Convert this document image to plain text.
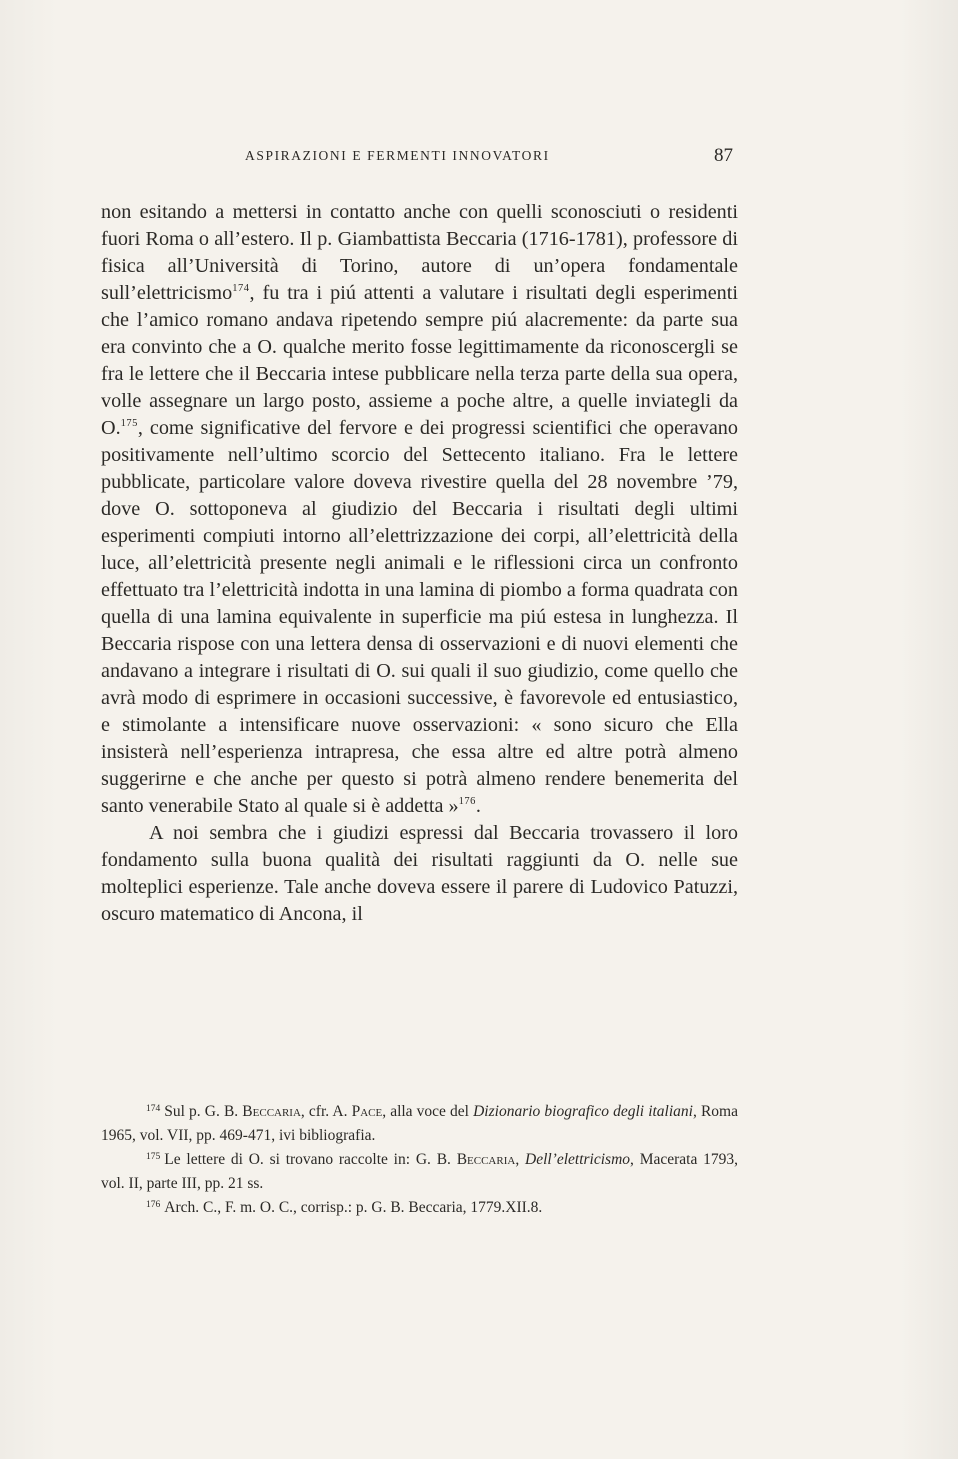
ASPIRAZIONI E FERMENTI INNOVATORI	87

non esitando a mettersi in contatto anche con quelli sconosciuti o residenti fuori Roma o all’estero. Il p. Giambattista Beccaria (1716-1781), professore di fisica all’Università di Torino, autore di un’opera fondamentale sull’elettricismo$^{174}$, fu tra i piú attenti a valutare i risultati degli esperimenti che l’amico romano andava ripetendo sempre piú alacremente: da parte sua era convinto che a O. qualche merito fosse legittimamente da riconoscergli se fra le lettere che il Beccaria intese pubblicare nella terza parte della sua opera, volle assegnare un largo posto, assieme a poche altre, a quelle inviategli da O.$^{175}$, come significative del fervore e dei progressi scientifici che operavano positivamente nell’ultimo scorcio del Settecento italiano. Fra le lettere pubblicate, particolare valore doveva rivestire quella del 28 novembre ’79, dove O. sottoponeva al giudizio del Beccaria i risultati degli ultimi esperimenti compiuti intorno all’elettrizzazione dei corpi, all’elettricità della luce, all’elettricità presente negli animali e le riflessioni circa un confronto effettuato tra l’elettricità indotta in una lamina di piombo a forma quadrata con quella di una lamina equivalente in superficie ma piú estesa in lunghezza. Il Beccaria rispose con una lettera densa di osservazioni e di nuovi elementi che andavano a integrare i risultati di O. sui quali il suo giudizio, come quello che avrà modo di esprimere in occasioni successive, è favorevole ed entusiastico, e stimolante a intensificare nuove osservazioni: « sono sicuro che Ella insisterà nell’esperienza intrapresa, che essa altre ed altre potrà almeno suggerirne e che anche per questo si potrà almeno rendere benemerita del santo venerabile Stato al quale si è addetta »$^{176}$.

A noi sembra che i giudizi espressi dal Beccaria trovassero il loro fondamento sulla buona qualità dei risultati raggiunti da O. nelle sue molteplici esperienze. Tale anche doveva essere il parere di Ludovico Patuzzi, oscuro matematico di Ancona, il

$^{174}$ Sul p. G. B. Beccaria, cfr. A. Pace, alla voce del Dizionario biografico degli italiani, Roma 1965, vol. VII, pp. 469-471, ivi bibliografia.

$^{175}$ Le lettere di O. si trovano raccolte in: G. B. Beccaria, Dell’elettricismo, Macerata 1793, vol. II, parte III, pp. 21 ss.

$^{176}$ Arch. C., F. m. O. C., corrisp.: p. G. B. Beccaria, 1779.XII.8.
